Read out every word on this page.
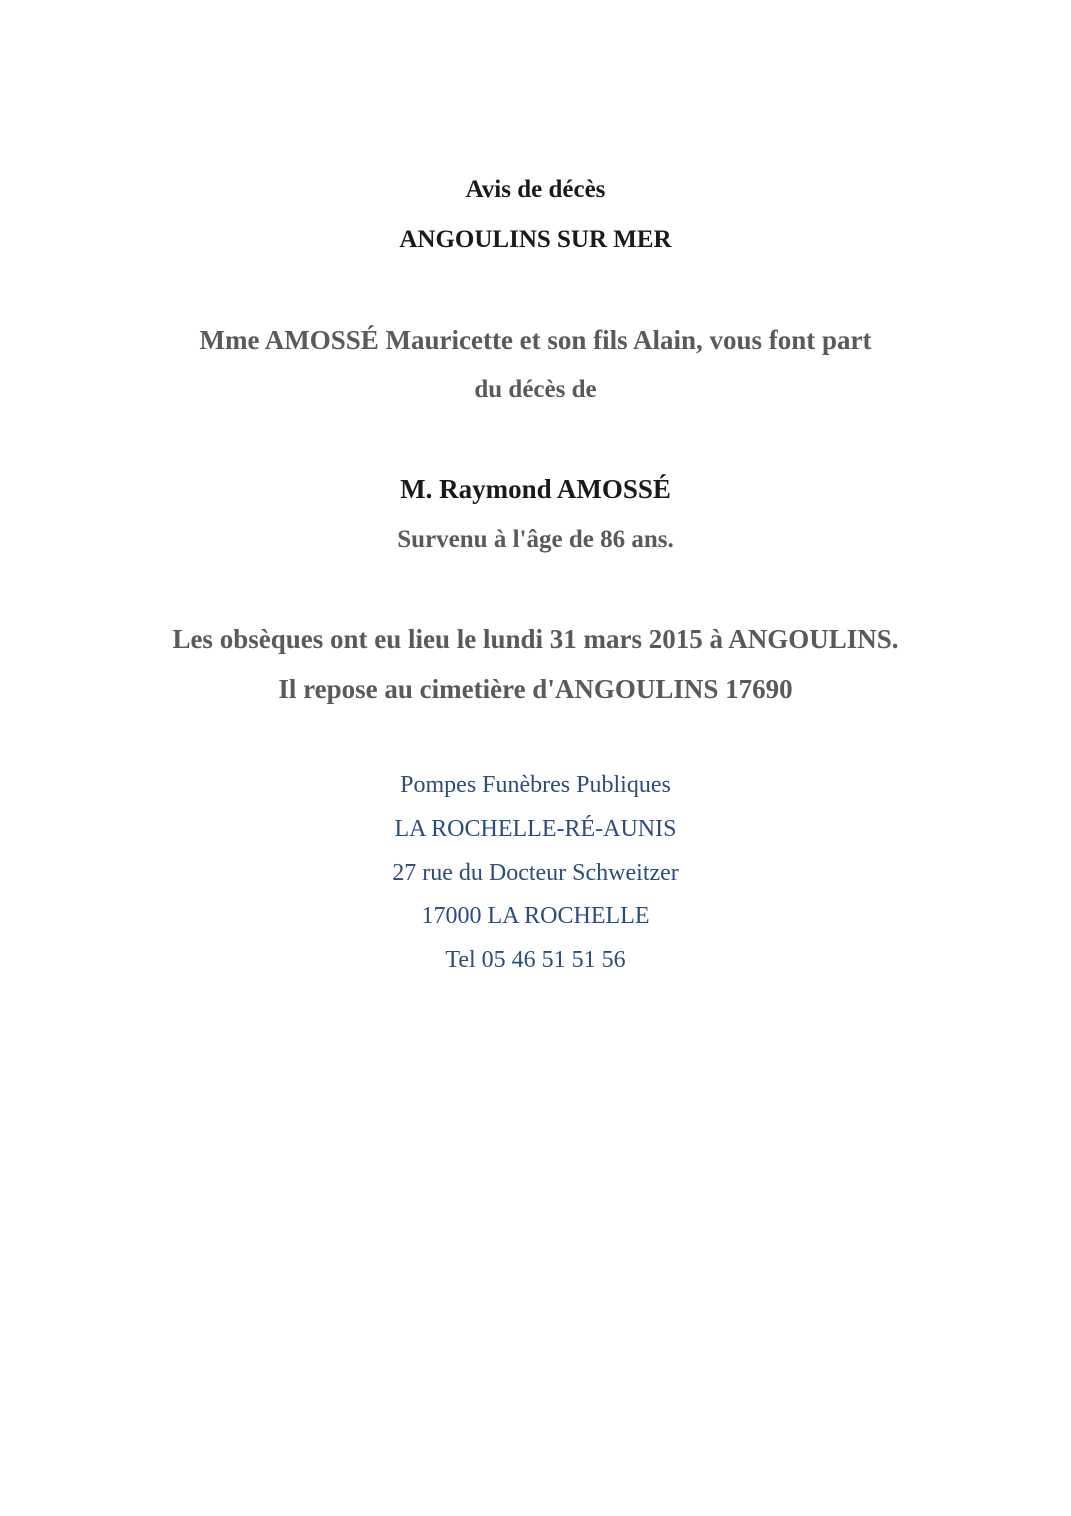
Avis de décès
ANGOULINS SUR MER
Mme AMOSSÉ Mauricette et son fils Alain, vous font part
du décès de
M. Raymond AMOSSÉ
Survenu à l'âge de 86 ans.
Les obsèques ont eu lieu le lundi 31 mars 2015 à ANGOULINS.
Il repose au cimetière d'ANGOULINS 17690
Pompes Funèbres Publiques
LA ROCHELLE-RÉ-AUNIS
27 rue du Docteur Schweitzer
17000 LA ROCHELLE
Tel 05 46 51 51 56
